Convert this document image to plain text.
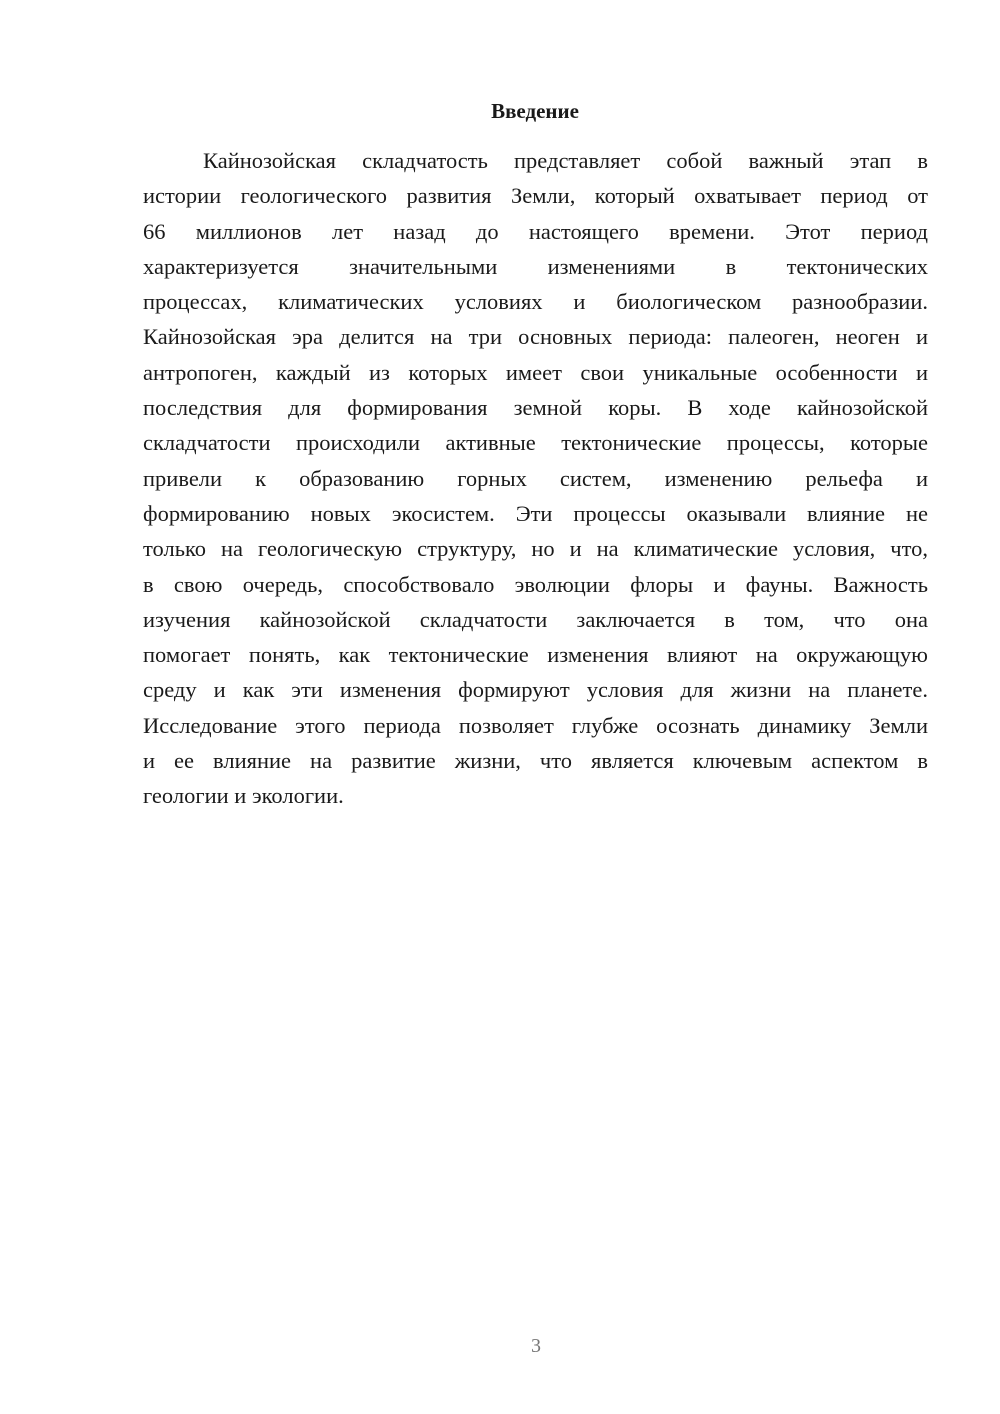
Введение
Кайнозойская складчатость представляет собой важный этап в
истории геологического развития Земли, который охватывает период от
66 миллионов лет назад до настоящего времени. Этот период
характеризуется значительными изменениями в тектонических
процессах, климатических условиях и биологическом разнообразии.
Кайнозойская эра делится на три основных периода: палеоген, неоген и
антропоген, каждый из которых имеет свои уникальные особенности и
последствия для формирования земной коры. В ходе кайнозойской
складчатости происходили активные тектонические процессы, которые
привели к образованию горных систем, изменению рельефа и
формированию новых экосистем. Эти процессы оказывали влияние не
только на геологическую структуру, но и на климатические условия, что,
в свою очередь, способствовало эволюции флоры и фауны. Важность
изучения кайнозойской складчатости заключается в том, что она
помогает понять, как тектонические изменения влияют на окружающую
среду и как эти изменения формируют условия для жизни на планете.
Исследование этого периода позволяет глубже осознать динамику Земли
и ее влияние на развитие жизни, что является ключевым аспектом в
геологии и экологии.
3
